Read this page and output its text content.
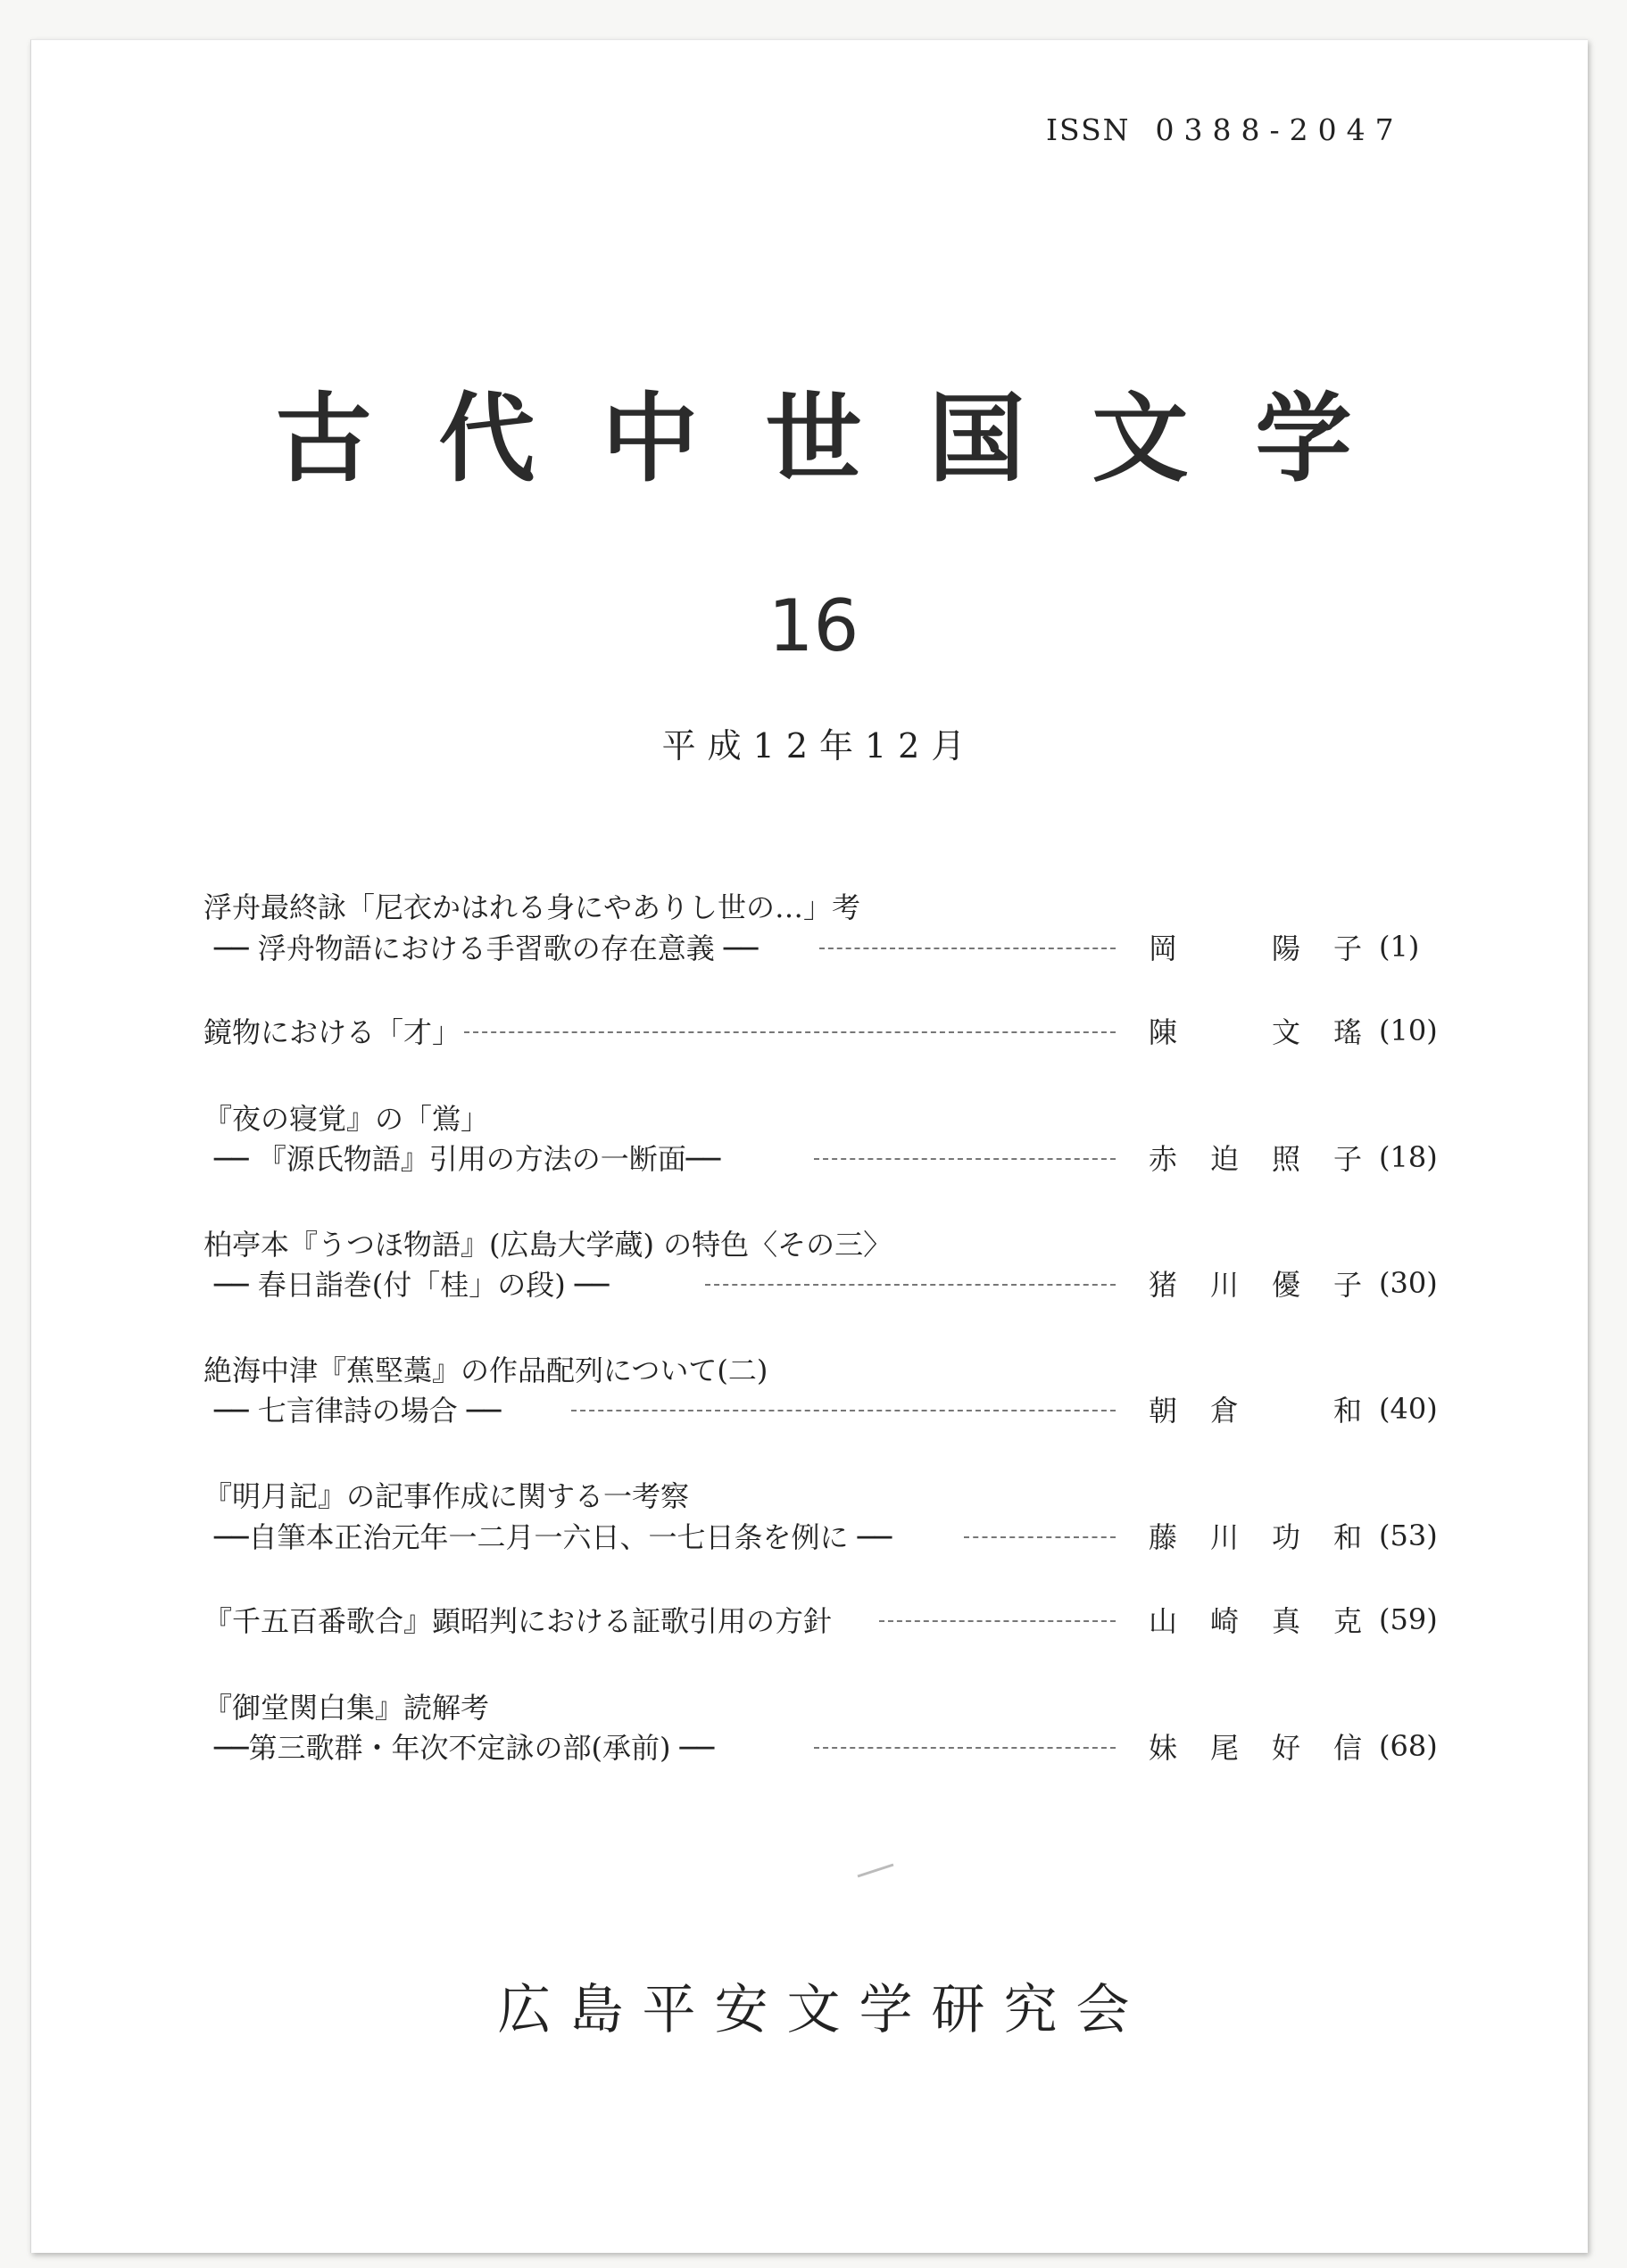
ISSN 0388-2047
古代中世国文学
16
平成12年12月
浮舟最終詠「尼衣かはれる身にやありし世の…」考
── 浮舟物語における手習歌の存在意義 ──	岡	陽 子 (1)
鏡物における「才」	陳	文 瑤 (10)
『夜の寝覚』の「鴬」
── 『源氏物語』引用の方法の一断面──	赤 迫 照 子 (18)
柏亭本『うつほ物語』(広島大学蔵) の特色〈その三〉
── 春日詣巻(付「桂」の段) ──	猪 川 優 子 (30)
絶海中津『蕉堅藁』の作品配列について(二)
── 七言律詩の場合 ──	朝 倉	和 (40)
『明月記』の記事作成に関する一考察
──自筆本正治元年一二月一六日、一七日条を例に ──	藤 川 功 和 (53)
『千五百番歌合』顕昭判における証歌引用の方針	山 崎 真 克 (59)
『御堂関白集』読解考
──第三歌群・年次不定詠の部(承前) ──	妹 尾 好 信 (68)
広島平安文学研究会
